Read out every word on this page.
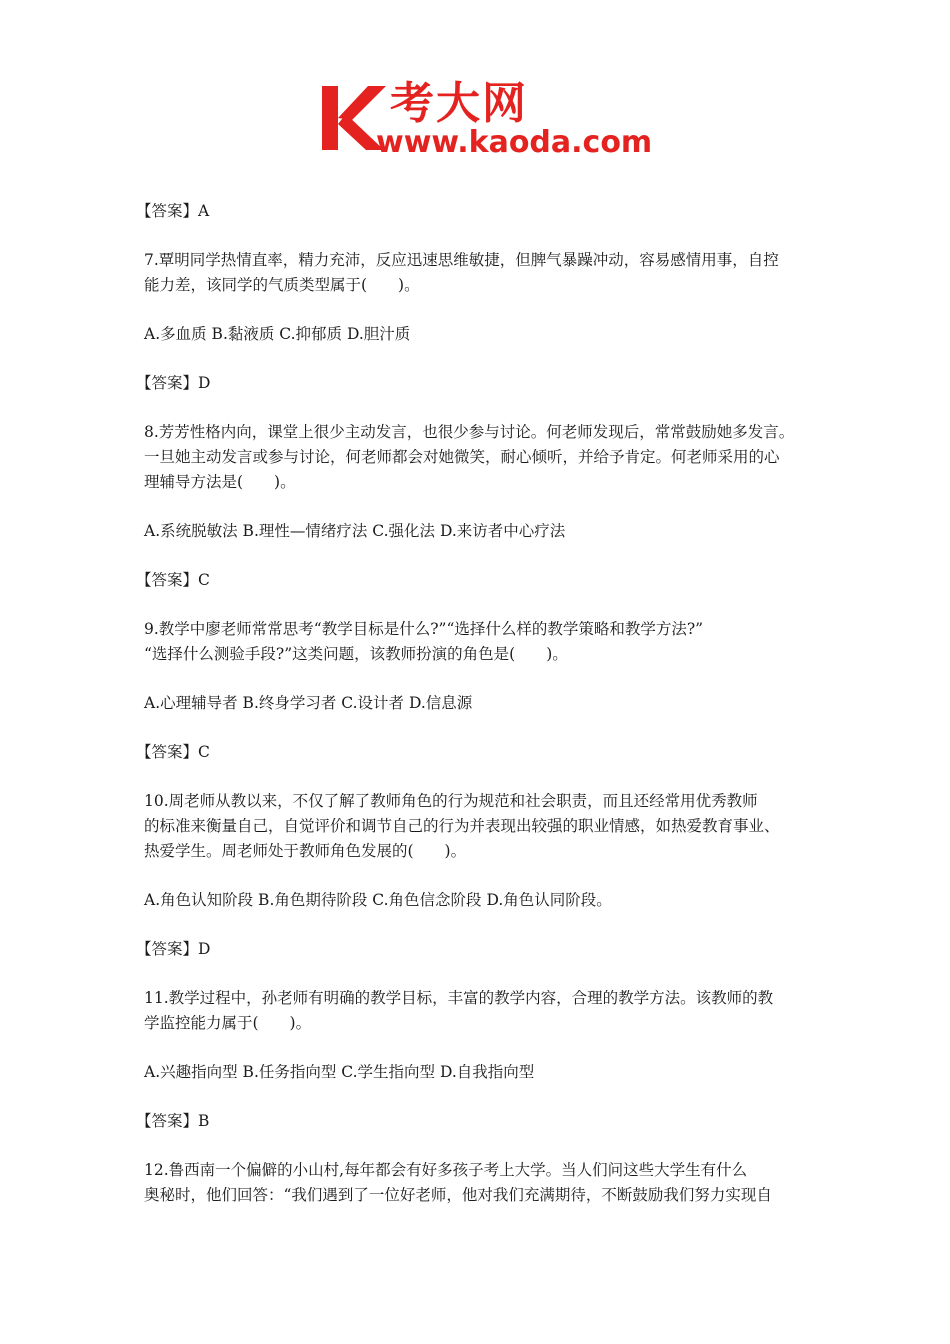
考大网
www.kaoda.com

【答案】A

7.覃明同学热情直率，精力充沛，反应迅速思维敏捷，但脾气暴躁冲动，容易感情用事，自控
能力差，该同学的气质类型属于(　　)。

A.多血质 B.黏液质 C.抑郁质 D.胆汁质

【答案】D

8.芳芳性格内向，课堂上很少主动发言，也很少参与讨论。何老师发现后，常常鼓励她多发言。
一旦她主动发言或参与讨论，何老师都会对她微笑，耐心倾听，并给予肯定。何老师采用的心
理辅导方法是(　　)。

A.系统脱敏法 B.理性—情绪疗法 C.强化法 D.来访者中心疗法

【答案】C

9.教学中廖老师常常思考“教学目标是什么?”“选择什么样的教学策略和教学方法?”
“选择什么测验手段?”这类问题，该教师扮演的角色是(　　)。

A.心理辅导者 B.终身学习者 C.设计者 D.信息源

【答案】C

10.周老师从教以来，不仅了解了教师角色的行为规范和社会职责，而且还经常用优秀教师
的标准来衡量自己，自觉评价和调节自己的行为并表现出较强的职业情感，如热爱教育事业、
热爱学生。周老师处于教师角色发展的(　　)。

A.角色认知阶段 B.角色期待阶段 C.角色信念阶段 D.角色认同阶段。

【答案】D

11.教学过程中，孙老师有明确的教学目标，丰富的教学内容，合理的教学方法。该教师的教
学监控能力属于(　　)。

A.兴趣指向型 B.任务指向型 C.学生指向型 D.自我指向型

【答案】B

12.鲁西南一个偏僻的小山村,每年都会有好多孩子考上大学。当人们问这些大学生有什么
奥秘时，他们回答：“我们遇到了一位好老师，他对我们充满期待，不断鼓励我们努力实现自
